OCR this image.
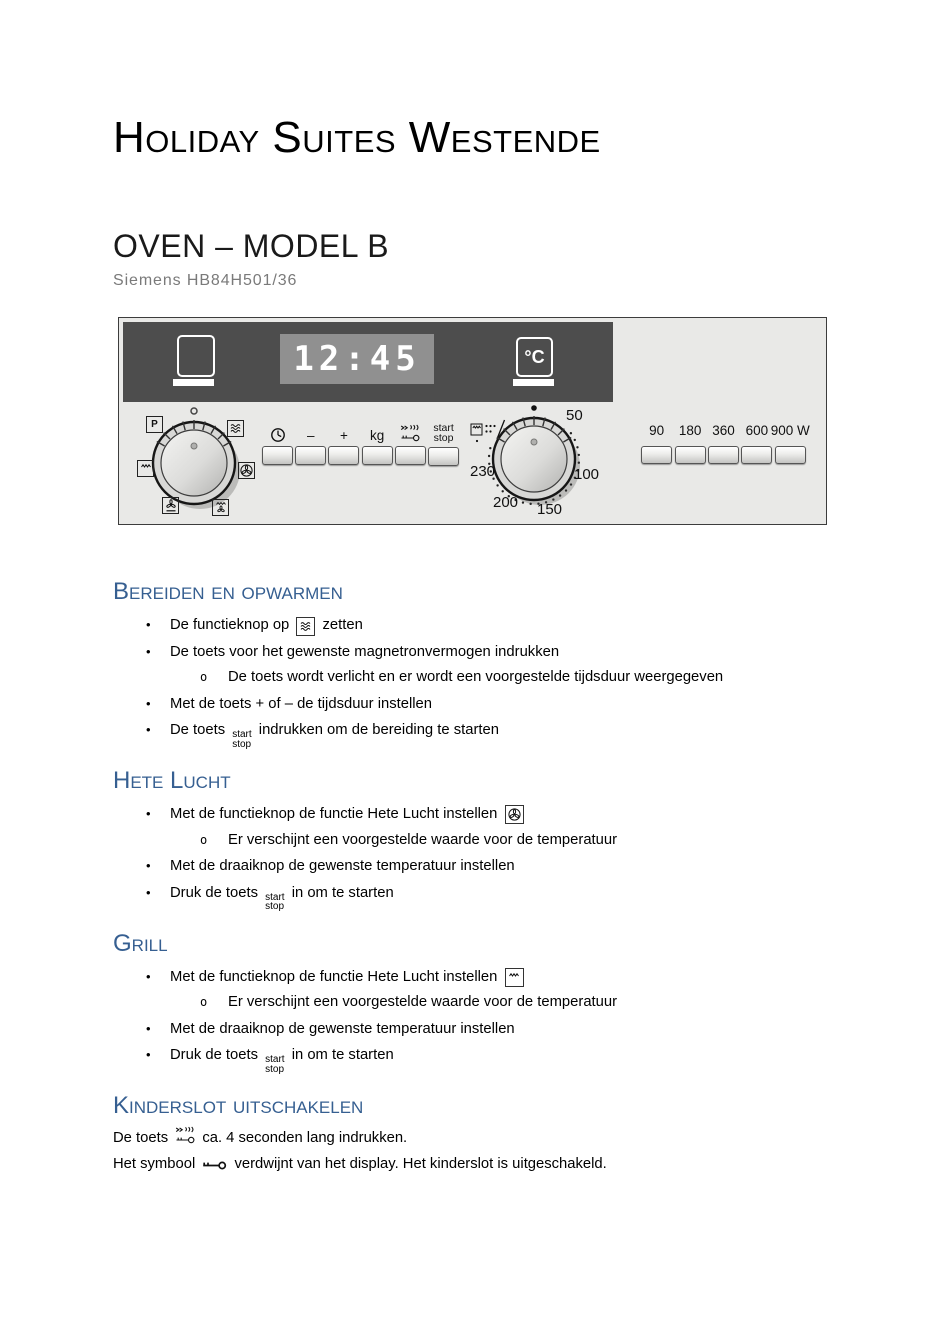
Holiday Suites Westende
OVEN – MODEL B
Siemens HB84H501/36
12:45	°C
P
– + kg	start
stop
50
100
150
200
230
90 180 360 600 900 W
Bereiden en opwarmen
•	De functieknop op
zetten
•	De toets voor het gewenste magnetronvermogen indrukken
o	De toets wordt verlicht en er wordt een voorgestelde tijdsduur weergegeven
•	Met de toets + of – de tijdsduur instellen
•	De toets start
stop
indrukken om de bereiding te starten
Hete Lucht
•	Met de functieknop de functie Hete Lucht instellen
o	Er verschijnt een voorgestelde waarde voor de temperatuur
•	Met de draaiknop de gewenste temperatuur instellen
•	Druk de toets start
stop
in om te starten
Grill
•	Met de functieknop de functie Hete Lucht instellen
o	Er verschijnt een voorgestelde waarde voor de temperatuur
•	Met de draaiknop de gewenste temperatuur instellen
•	Druk de toets start
stop
in om te starten
Kinderslot uitschakelen
De toets
ca. 4 seconden lang indrukken.
Het symbool
verdwijnt van het display. Het kinderslot is uitgeschakeld.
